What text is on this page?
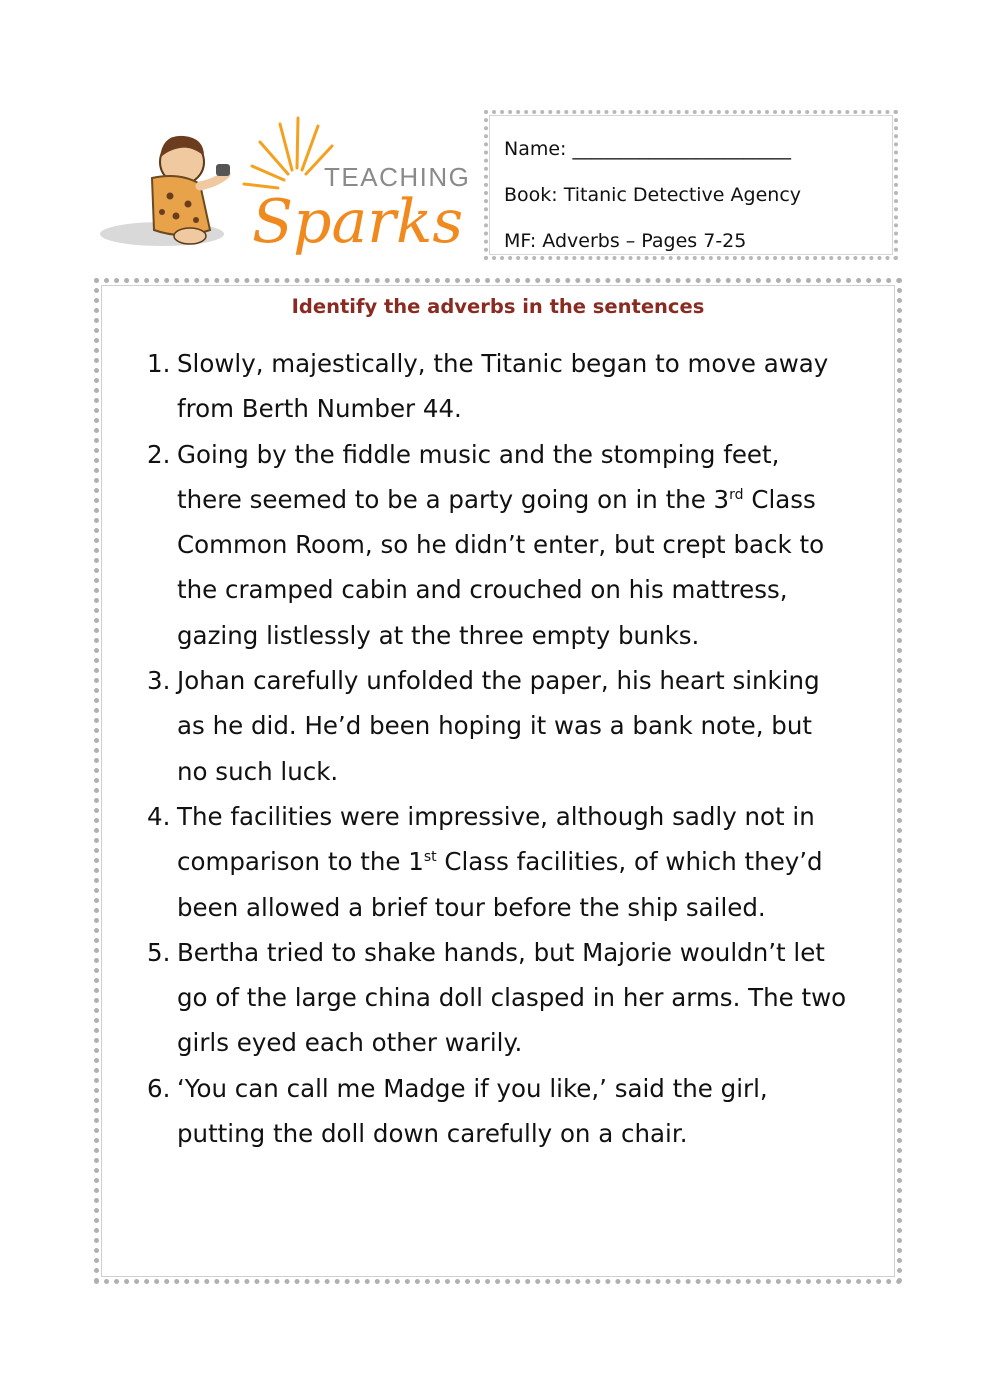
TEACHING
Sparks
Name: _______________________
Book: Titanic Detective Agency
MF: Adverbs – Pages 7-25
Identify the adverbs in the sentences
1. Slowly, majestically, the Titanic began to move away
from Berth Number 44.
2. Going by the fiddle music and the stomping feet,
there seemed to be a party going on in the 3rd Class
Common Room, so he didn’t enter, but crept back to
the cramped cabin and crouched on his mattress,
gazing listlessly at the three empty bunks.
3. Johan carefully unfolded the paper, his heart sinking
as he did. He’d been hoping it was a bank note, but
no such luck.
4. The facilities were impressive, although sadly not in
comparison to the 1st Class facilities, of which they’d
been allowed a brief tour before the ship sailed.
5. Bertha tried to shake hands, but Majorie wouldn’t let
go of the large china doll clasped in her arms. The two
girls eyed each other warily.
6. ‘You can call me Madge if you like,’ said the girl,
putting the doll down carefully on a chair.
